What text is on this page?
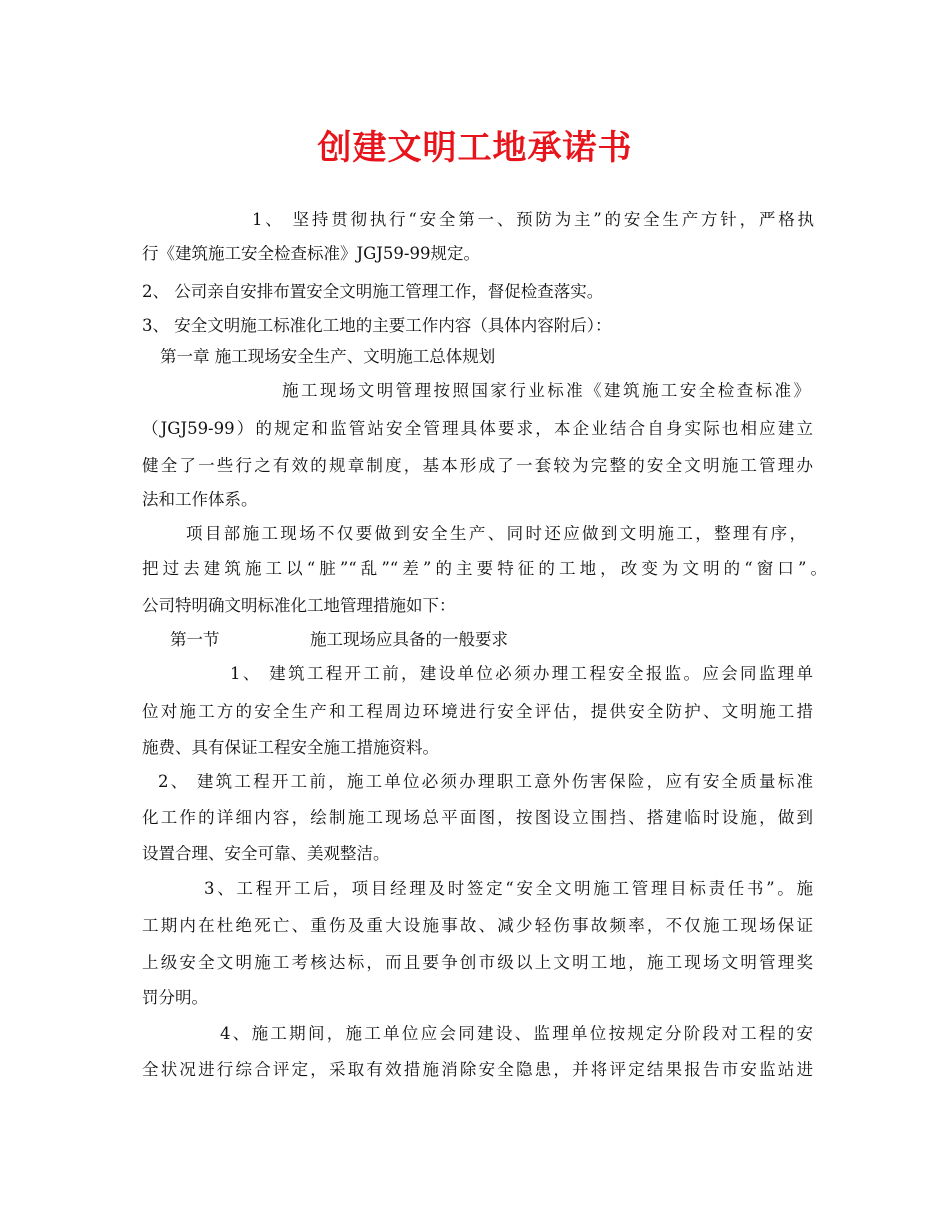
创建文明工地承诺书
1、 坚持贯彻执行“安全第一、预防为主”的安全生产方针，严格执
行《建筑施工安全检查标准》JGJ59-99规定。
2、 公司亲自安排布置安全文明施工管理工作，督促检查落实。
3、 安全文明施工标准化工地的主要工作内容（具体内容附后）：
第一章 施工现场安全生产、文明施工总体规划
施工现场文明管理按照国家行业标准《建筑施工安全检查标准》
（JGJ59-99）的规定和监管站安全管理具体要求，本企业结合自身实际也相应建立
健全了一些行之有效的规章制度，基本形成了一套较为完整的安全文明施工管理办
法和工作体系。
项目部施工现场不仅要做到安全生产、同时还应做到文明施工，整理有序，
把过去建筑施工以“脏”“乱”“差”的主要特征的工地，改变为文明的“窗口”。
公司特明确文明标准化工地管理措施如下：
第一节	施工现场应具备的一般要求
1、 建筑工程开工前，建设单位必须办理工程安全报监。应会同监理单
位对施工方的安全生产和工程周边环境进行安全评估，提供安全防护、文明施工措
施费、具有保证工程安全施工措施资料。
2、 建筑工程开工前，施工单位必须办理职工意外伤害保险，应有安全质量标准
化工作的详细内容，绘制施工现场总平面图，按图设立围挡、搭建临时设施，做到
设置合理、安全可靠、美观整洁。
3、工程开工后，项目经理及时签定“安全文明施工管理目标责任书”。施
工期内在杜绝死亡、重伤及重大设施事故、减少轻伤事故频率，不仅施工现场保证
上级安全文明施工考核达标，而且要争创市级以上文明工地，施工现场文明管理奖
罚分明。
4、施工期间，施工单位应会同建设、监理单位按规定分阶段对工程的安
全状况进行综合评定，采取有效措施消除安全隐患，并将评定结果报告市安监站进
